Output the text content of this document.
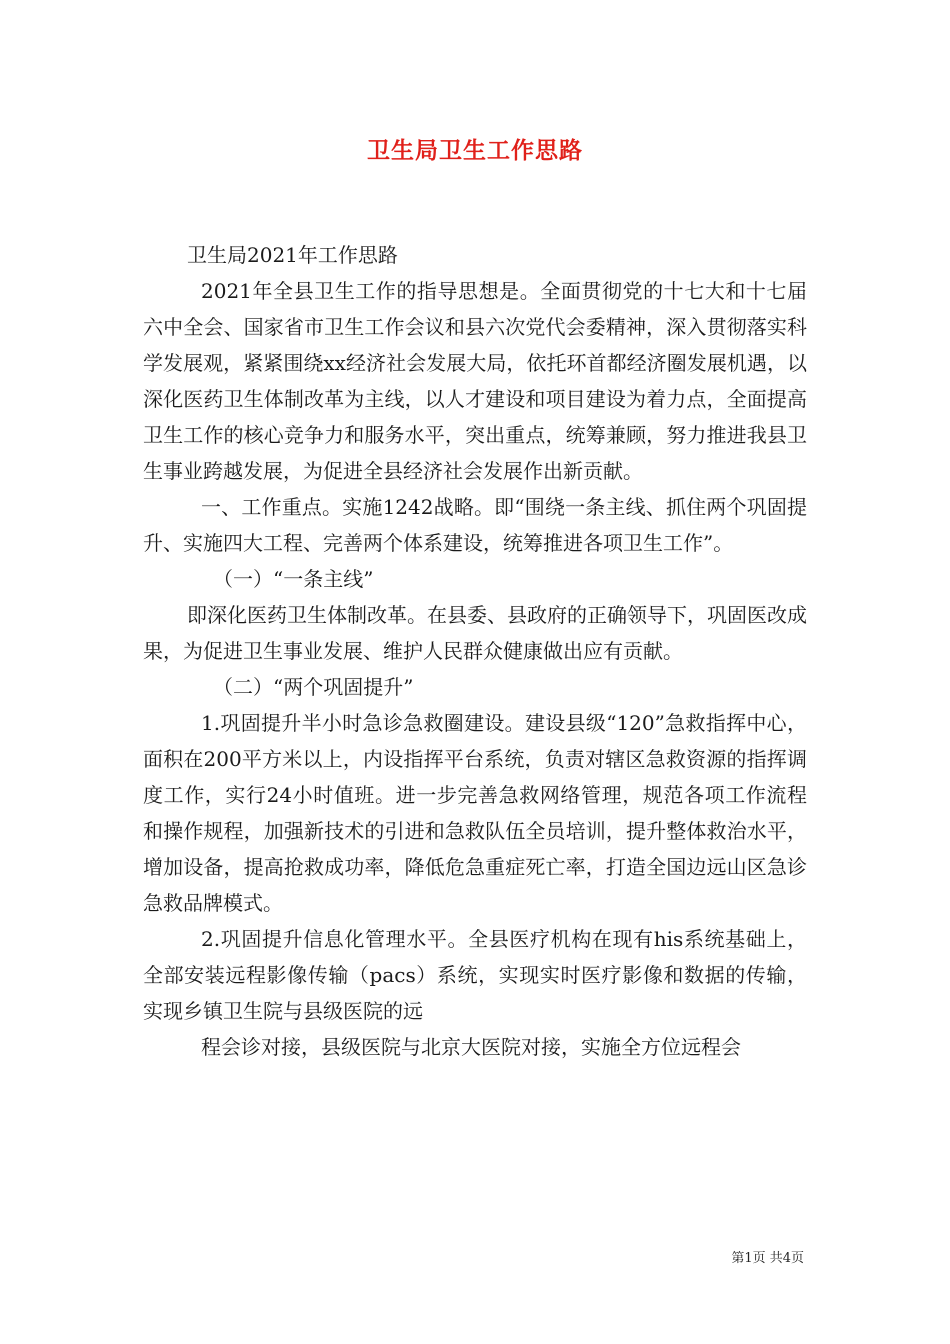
卫生局卫生工作思路

卫生局2021年工作思路

2021年全县卫生工作的指导思想是。全面贯彻党的十七大和十七届六中全会、国家省市卫生工作会议和县六次党代会委精神，深入贯彻落实科学发展观，紧紧围绕xx经济社会发展大局，依托环首都经济圈发展机遇，以深化医药卫生体制改革为主线，以人才建设和项目建设为着力点，全面提高卫生工作的核心竞争力和服务水平，突出重点，统筹兼顾，努力推进我县卫生事业跨越发展，为促进全县经济社会发展作出新贡献。

一、工作重点。实施1242战略。即“围绕一条主线、抓住两个巩固提升、实施四大工程、完善两个体系建设，统筹推进各项卫生工作”。

（一）“一条主线”

即深化医药卫生体制改革。在县委、县政府的正确领导下，巩固医改成果，为促进卫生事业发展、维护人民群众健康做出应有贡献。

（二）“两个巩固提升”

1.巩固提升半小时急诊急救圈建设。建设县级“120”急救指挥中心，面积在200平方米以上，内设指挥平台系统，负责对辖区急救资源的指挥调度工作，实行24小时值班。进一步完善急救网络管理，规范各项工作流程和操作规程，加强新技术的引进和急救队伍全员培训，提升整体救治水平，增加设备，提高抢救成功率，降低危急重症死亡率，打造全国边远山区急诊急救品牌模式。

2.巩固提升信息化管理水平。全县医疗机构在现有his系统基础上，全部安装远程影像传输（pacs）系统，实现实时医疗影像和数据的传输，实现乡镇卫生院与县级医院的远

程会诊对接，县级医院与北京大医院对接，实施全方位远程会

第1页 共4页
